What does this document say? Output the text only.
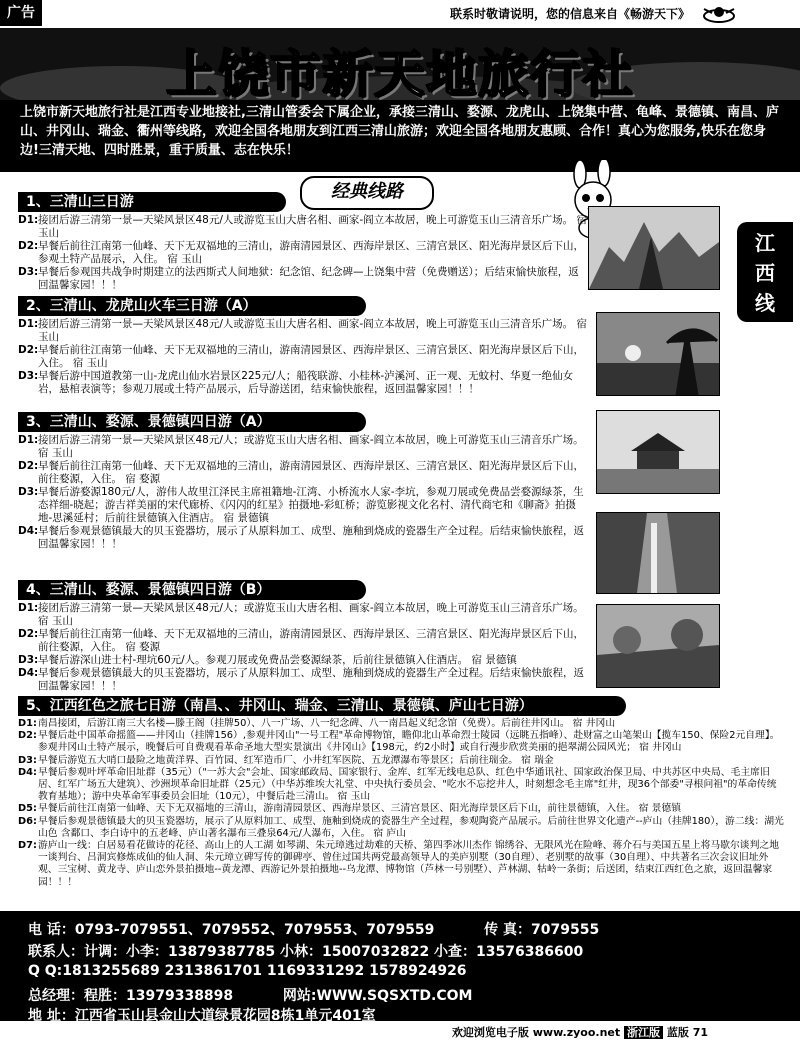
广告	联系时敬请说明，您的信息来自《畅游天下》
上饶市新天地旅行社
上饶市新天地旅行社是江西专业地接社,三清山管委会下属企业，承接三清山、婺源、龙虎山、上饶集中营、龟峰、景德镇、南昌、庐山、井冈山、瑞金、衢州等线路，欢迎全国各地朋友到江西三清山旅游；欢迎全国各地朋友惠顾、合作！真心为您服务,快乐在您身边!三清天地、四时胜景，重于质量、志在快乐！
经典线路
江
西
线
1、三清山三日游
D1: 接团后游三清第一景—天梁风景区48元/人或游览玉山大唐名相、画家-阎立本故居，晚上可游览玉山三清音乐广场。 宿 玉山
D2: 早餐后前往江南第一仙峰、天下无双福地的三清山，游南清园景区、西海岸景区、三清宫景区、阳光海岸景区后下山，参观土特产品展示，入住。 宿 玉山
D3: 早餐后参观国共战争时期建立的法西斯式人间地狱：纪念馆、纪念碑—上饶集中营（免费赠送）；后结束愉快旅程，返回温馨家园！！！
2、三清山、龙虎山火车三日游（A）
D1: 接团后游三清第一景—天梁风景区48元/人或游览玉山大唐名相、画家-阎立本故居，晚上可游览玉山三清音乐广场。 宿 玉山
D2: 早餐后前往江南第一仙峰、天下无双福地的三清山，游南清园景区、西海岸景区、三清宫景区、阳光海岸景区后下山，入住。 宿 玉山
D3: 早餐后游中国道教第一山-龙虎山仙水岩景区225元/人；船筏联游、小桂林-泸溪河、正一观、无蚊村、华夏一绝仙女岩，悬棺表演等；参观刀展或土特产品展示，后导游送团，结束愉快旅程，返回温馨家园！！！
3、三清山、婺源、景德镇四日游（A）
D1: 接团后游三清第一景—天梁风景区48元/人；或游览玉山大唐名相、画家-阎立本故居，晚上可游览玉山三清音乐广场。 宿 玉山
D2: 早餐后前往江南第一仙峰、天下无双福地的三清山，游南清园景区、西海岸景区、三清宫景区、阳光海岸景区后下山，前往婺源，入住。 宿 婺源
D3: 早餐后游婺源180元/人，游伟人故里江泽民主席祖籍地-江湾、小桥流水人家-李坑，参观刀展或免费品尝婺源绿茶，生态祥细-晓起；游吉祥美丽的宋代廊桥、《闪闪的红星》拍摄地-彩虹桥；游览影视文化名村、清代商宅和《聊斋》拍摄地-思溪延村；后前往景德镇入住酒店。 宿 景德镇
D4: 早餐后参观景德镇最大的贝玉瓷器坊，展示了从原料加工、成型、施釉到烧成的瓷器生产全过程。后结束愉快旅程，返回温馨家园！！！
4、三清山、婺源、景德镇四日游（B）
D1: 接团后游三清第一景—天梁风景区48元/人；或游览玉山大唐名相、画家-阎立本故居，晚上可游览玉山三清音乐广场。 宿 玉山
D2: 早餐后前往江南第一仙峰、天下无双福地的三清山，游南清园景区、西海岸景区、三清宫景区、阳光海岸景区后下山，前往婺源，入住。 宿 婺源
D3: 早餐后游深山进士村-理坑60元/人。参观刀展或免费品尝婺源绿茶，后前往景德镇入住酒店。 宿 景德镇
D4: 早餐后参观景德镇最大的贝玉瓷器坊，展示了从原料加工、成型、施釉到烧成的瓷器生产全过程。后结束愉快旅程，返回温馨家园！！！
5、江西红色之旅七日游（南昌、、井冈山、瑞金、三清山、景德镇、庐山七日游）
D1: 南昌接团，后游江南三大名楼—滕王阁（挂牌50）、八一广场、八一纪念碑、八一南昌起义纪念馆（免费）。后前往井冈山。 宿 井冈山
D2: 早餐后赴中国革命摇篮——井冈山（挂牌156）,参观井冈山"一号工程"革命博物馆，瞻仰北山革命烈士陵园（远眺五指峰）、赴财富之山笔架山【揽车150、保险2元自理】。参观井冈山土特产展示，晚餐后可自费观看革命圣地大型实景演出《井冈山》【198元，约2小时】或自行漫步欣赏美丽的挹翠湖公园风光； 宿 井冈山
D3: 早餐后游览五大哨口最险之地黄洋界、百竹园、红军造币厂、小井红军医院、五龙潭瀑布等景区；后前往瑞金。 宿 瑞金
D4: 早餐后参观叶坪革命旧址群（35元）（"一苏大会"会址、国家邮政局、国家银行、金库、红军无线电总队、红色中华通讯社、国家政治保卫局、中共苏区中央局、毛主席旧居、红军广场五大建筑）、沙洲坝革命旧址群（25元）（中华苏维埃大礼堂、中央执行委员会、"吃水不忘挖井人，时刻想念毛主席"红井，现36个部委"寻根问祖"的革命传统教育基地）；游中央革命军事委员会旧址（10元），中餐后赴三清山。 宿 玉山
D5: 早餐后前往江南第一仙峰、天下无双福地的三清山，游南清园景区、西海岸景区、三清宫景区、阳光海岸景区后下山，前往景德镇，入住。 宿 景德镇
D6: 早餐后参观景德镇最大的贝玉瓷器坊，展示了从原料加工、成型、施釉到烧成的瓷器生产全过程，参观陶瓷产品展示。后前往世界文化遗产--庐山（挂牌180），游二线：湖光山色 含鄱口、李白诗中的五老峰、庐山著名瀑布三叠泉64元/人瀑布，入住。 宿 庐山
D7: 游庐山一线：白居易看花做诗的花径、高山上的人工湖 如琴湖、朱元璋逃过劫难的天桥、第四季冰川杰作 锦绣谷、无限风光在险峰、蒋介石与美国五星上将马歇尔谈判之地一谈判台、吕洞宾修炼成仙的仙人洞、朱元璋立碑写传的御碑亭、曾住过国共两党最高领导人的美庐别墅（30自理）、老别墅的故事（30自理）、中共著名三次会议旧址外观、三宝树、黄龙寺、庐山恋外景拍摄地--黄龙潭、西游记外景拍摄地--乌龙潭、博物馆（芦林一号别墅）、芦林湖、牯岭一条街；后送团，结束江西红色之旅，返回温馨家园！！！
电 话：0793-7079551、7079552、7079553、7079559	传 真：7079555
联系人：计调：小李：13879387785 小林：15007032822 小查：13576386600
Q Q:1813255689 2313861701 1169331292 1578924926
总经理：程胜：13979338898	网站:WWW.SQSXTD.COM
地 址：江西省玉山县金山大道绿景花园8栋1单元401室
欢迎浏览电子版 www.zyoo.net 浙江版 蓝版 71
